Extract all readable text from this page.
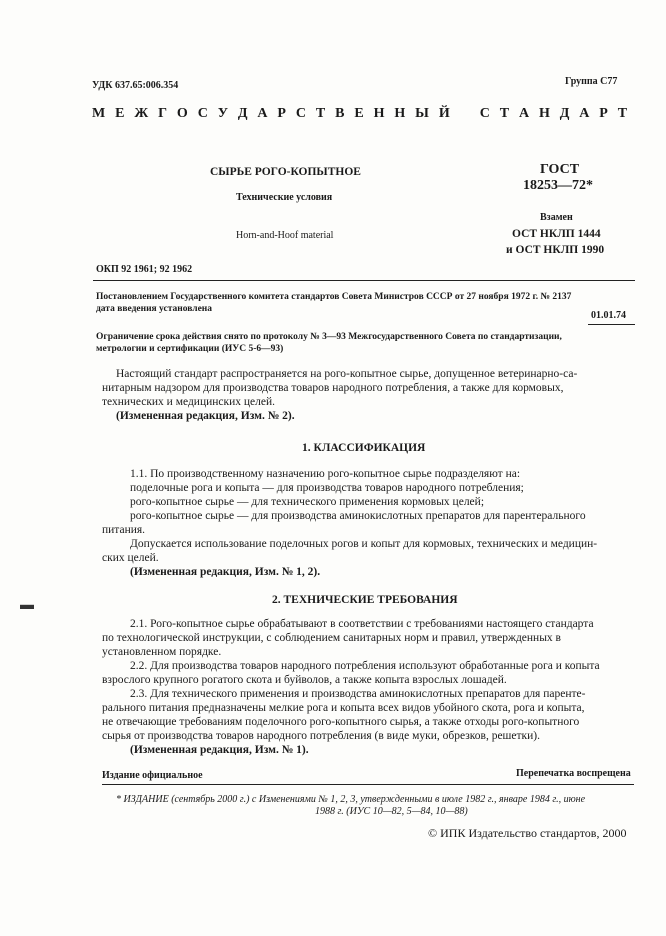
УДК 637.65:006.354	Группа С77
М Е Ж Г О С У Д А Р С Т В Е Н Н Ы Й    С Т А Н Д А Р Т
СЫРЬЕ РОГО-КОПЫТНОЕ
Технические условия
Horn-and-Hoof material
ГОСТ
18253—72*
Взамен
ОСТ НКЛП 1444
и ОСТ НКЛП 1990
ОКП 92 1961; 92 1962
Постановлением Государственного комитета стандартов Совета Министров СССР от 27 ноября 1972 г. № 2137
дата введения установлена
01.01.74
Ограничение срока действия снято по протоколу № 3—93 Межгосударственного Совета по стандартизации,
метрологии и сертификации (ИУС 5-6—93)
Настоящий стандарт распространяется на рого-копытное сырье, допущенное ветеринарно-са-
нитарным надзором для производства товаров народного потребления, а также для кормовых,
технических и медицинских целей.
(Измененная редакция, Изм. № 2).
1. КЛАССИФИКАЦИЯ
1.1. По производственному назначению рого-копытное сырье подразделяют на:
поделочные рога и копыта — для производства товаров народного потребления;
рого-копытное сырье — для технического применения кормовых целей;
рого-копытное сырье — для производства аминокислотных препаратов для парентерального
питания.
Допускается использование поделочных рогов и копыт для кормовых, технических и медицин-
ских целей.
(Измененная редакция, Изм. № 1, 2).
▬	2. ТЕХНИЧЕСКИЕ ТРЕБОВАНИЯ
2.1. Рого-копытное сырье обрабатывают в соответствии с требованиями настоящего стандарта
по технологической инструкции, с соблюдением санитарных норм и правил, утвержденных в
установленном порядке.
2.2. Для производства товаров народного потребления используют обработанные рога и копыта
взрослого крупного рогатого скота и буйволов, а также копыта взрослых лошадей.
2.3. Для технического применения и производства аминокислотных препаратов для парентe-
рального питания предназначены мелкие рога и копыта всех видов убойного скота, рога и копыта,
не отвечающие требованиям поделочного рого-копытного сырья, а также отходы рого-копытного
сырья от производства товаров народного потребления (в виде муки, обрезков, решетки).
(Измененная редакция, Изм. № 1).
Издание официальное	Перепечатка воспрещена
* ИЗДАНИЕ (сентябрь 2000 г.) с Изменениями № 1, 2, 3, утвержденными в июле 1982 г., январе 1984 г., июне
1988 г. (ИУС 10—82, 5—84, 10—88)
© ИПК Издательство стандартов, 2000
